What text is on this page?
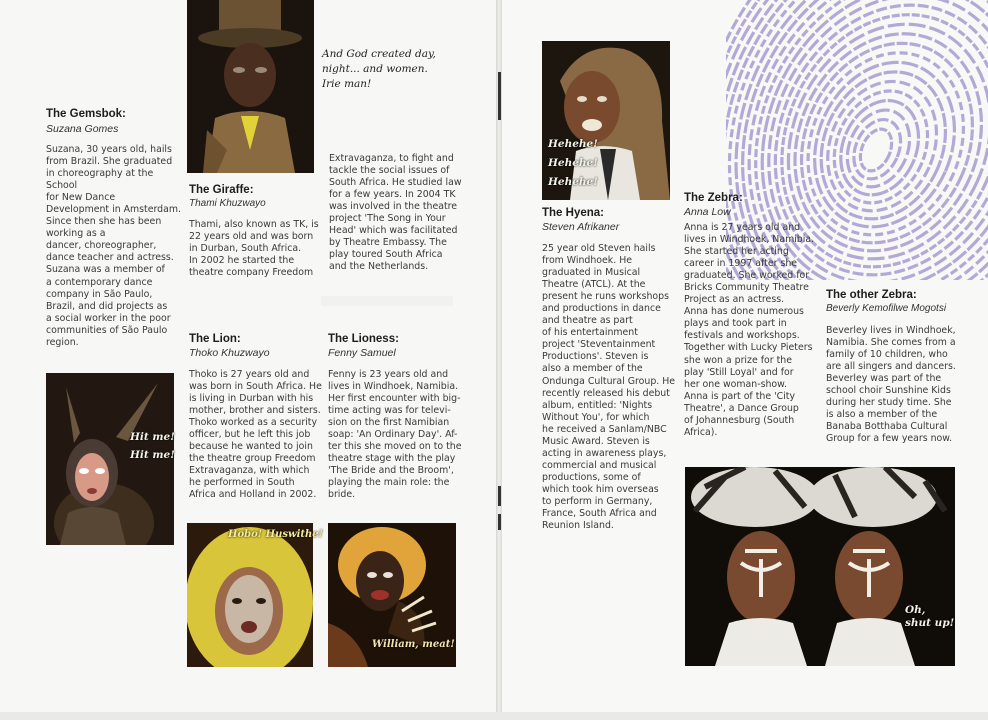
The Gemsbok:
Suzana Gomes
Suzana, 30 years old, hails
from Brazil. She graduated
in choreography at the
School
for New Dance
Development in Amsterdam.
Since then she has been
working as a
dancer, choreographer,
dance teacher and actress.
Suzana was a member of
a contemporary dance
company in São Paulo,
Brazil, and did projects as
a social worker in the poor
communities of São Paulo
region.
Hit me!
Hit me!
The Giraffe:
Thami Khuzwayo
Thami, also known as TK, is
22 years old and was born
in Durban, South Africa.
In 2002 he started the
theatre company Freedom
And God created day,
night... and women.
Irie man!
Extravaganza, to fight and
tackle the social issues of
South Africa. He studied law
for a few years. In 2004 TK
was involved in the theatre
project 'The Song in Your
Head' which was facilitated
by Theatre Embassy. The
play toured South Africa
and the Netherlands.
The Lion:
Thoko Khuzwayo
Thoko is 27 years old and
was born in South Africa. He
is living in Durban with his
mother, brother and sisters.
Thoko worked as a security
officer, but he left this job
because he wanted to join
the theatre group Freedom
Extravaganza, with which
he performed in South
Africa and Holland in 2002.
Hobo! Huswithe!
The Lioness:
Fenny Samuel
Fenny is 23 years old and
lives in Windhoek, Namibia.
Her first encounter with big-
time acting was for televi-
sion on the first Namibian
soap: 'An Ordinary Day'. Af-
ter this she moved on to the
theatre stage with the play
'The Bride and the Broom',
playing the main role: the
bride.
William, meat!
Hehehe!
Hehehe!
Hehehe!
The Hyena:
Steven Afrikaner
25 year old Steven hails
from Windhoek. He
graduated in Musical
Theatre (ATCL). At the
present he runs workshops
and productions in dance
and theatre as part
of his entertainment
project 'Steventainment
Productions'. Steven is
also a member of the
Ondunga Cultural Group. He
recently released his debut
album, entitled: 'Nights
Without You', for which
he received a Sanlam/NBC
Music Award. Steven is
acting in awareness plays,
commercial and musical
productions, some of
which took him overseas
to perform in Germany,
France, South Africa and
Reunion Island.
The Zebra:
Anna Low
Anna is 27 years old and
lives in Windhoek, Namibia.
She started her acting
career in 1997 after she
graduated. She worked for
Bricks Community Theatre
Project as an actress.
Anna has done numerous
plays and took part in
festivals and workshops.
Together with Lucky Pieters
she won a prize for the
play 'Still Loyal' and for
her one woman-show.
Anna is part of the 'City
Theatre', a Dance Group
of Johannesburg (South
Africa).
The other Zebra:
Beverly Kemofilwe Mogotsi
Beverley lives in Windhoek,
Namibia. She comes from a
family of 10 children, who
are all singers and dancers.
Beverley was part of the
school choir Sunshine Kids
during her study time. She
is also a member of the
Banaba Botthaba Cultural
Group for a few years now.
Oh,
shut up!
